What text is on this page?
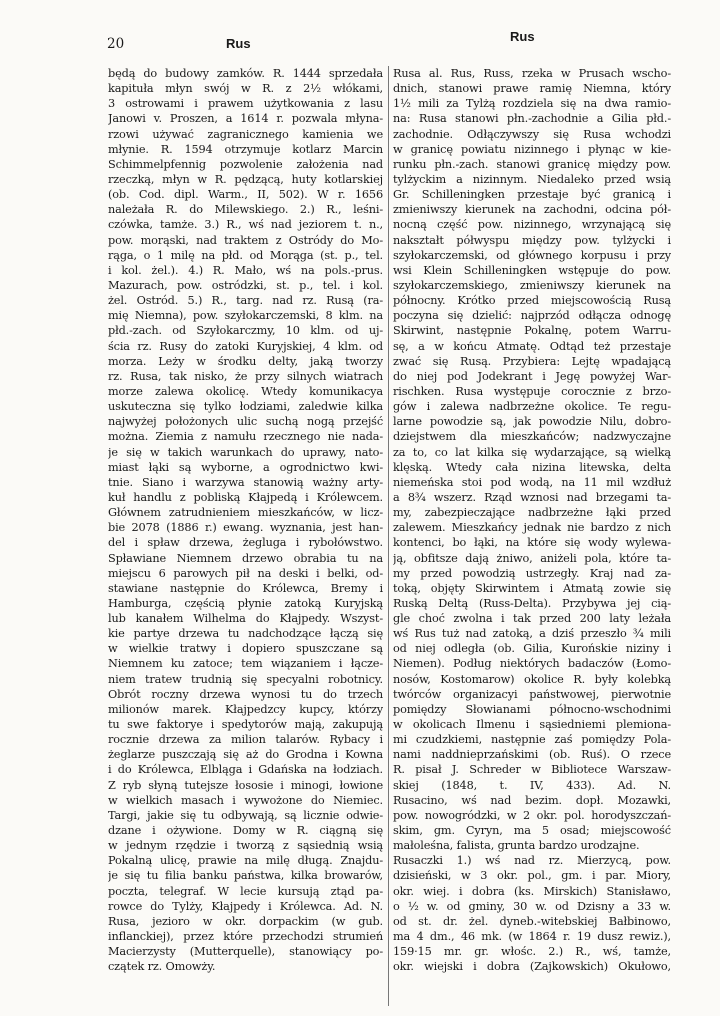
20	Rus	Rus
będą do budowy zamków. R. 1444 sprzedała
kapituła młyn swój w R. z 2½ włókami,
3 ostrowami i prawem użytkowania z lasu
Janowi v. Proszen, a 1614 r. pozwala młyna-
rzowi używać zagranicznego kamienia we
młynie. R. 1594 otrzymuje kotlarz Marcin
Schimmelpfennig pozwolenie założenia nad
rzeczką, młyn w R. pędzącą, huty kotlarskiej
(ob. Cod. dipl. Warm., II, 502). W r. 1656
należała R. do Milewskiego. 2.) R., leśni-
czówka, tamże. 3.) R., wś nad jeziorem t. n.,
pow. morąski, nad traktem z Ostródy do Mo-
rąga, o 1 milę na płd. od Morąga (st. p., tel.
i kol. żel.). 4.) R. Mało, wś na pols.-prus.
Mazurach, pow. ostródzki, st. p., tel. i kol.
żel. Ostród. 5.) R., targ. nad rz. Rusą (ra-
mię Niemna), pow. szyłokarczemski, 8 klm. na
płd.-zach. od Szyłokarczmy, 10 klm. od uj-
ścia rz. Rusy do zatoki Kuryjskiej, 4 klm. od
morza. Leży w środku delty, jaką tworzy
rz. Rusa, tak nisko, że przy silnych wiatrach
morze zalewa okolicę. Wtedy komunikacya
uskuteczna się tylko łodziami, zaledwie kilka
najwyżej położonych ulic suchą nogą przejść
można. Ziemia z namułu rzecznego nie nada-
je się w takich warunkach do uprawy, nato-
miast łąki są wyborne, a ogrodnictwo kwi-
tnie. Siano i warzywa stanowią ważny arty-
kuł handlu z pobliską Kłajpedą i Królewcem.
Głównem zatrudnieniem mieszkańców, w licz-
bie 2078 (1886 r.) ewang. wyznania, jest han-
del i spław drzewa, żegluga i rybołówstwo.
Spławiane Niemnem drzewo obrabia tu na
miejscu 6 parowych pił na deski i belki, od-
stawiane następnie do Królewca, Bremy i
Hamburga, częścią płynie zatoką Kuryjską
lub kanałem Wilhelma do Kłajpedy. Wszyst-
kie partye drzewa tu nadchodzące łączą się
w wielkie tratwy i dopiero spuszczane są
Niemnem ku zatoce; tem wiązaniem i łącze-
niem tratew trudnią się specyalni robotnicy.
Obrót roczny drzewa wynosi tu do trzech
milionów marek. Kłajpedzcy kupcy, którzy
tu swe faktorye i spedytorów mają, zakupują
rocznie drzewa za milion talarów. Rybacy i
żeglarze puszczają się aż do Grodna i Kowna
i do Królewca, Elbląga i Gdańska na łodziach.
Z ryb słyną tutejsze łososie i minogi, łowione
w wielkich masach i wywożone do Niemiec.
Targi, jakie się tu odbywają, są licznie odwie-
dzane i ożywione. Domy w R. ciągną się
w jednym rzędzie i tworzą z sąsiednią wsią
Pokalną ulicę, prawie na milę długą. Znajdu-
je się tu filia banku państwa, kilka browarów,
poczta, telegraf. W lecie kursują ztąd pa-
rowce do Tylży, Kłajpedy i Królewca. Ad. N.
Rusa, jezioro w okr. dorpackim (w gub.
inflanckiej), przez które przechodzi strumień
Macierzysty (Mutterquelle), stanowiący po-
czątek rz. Omowży.
Rusa al. Rus, Russ, rzeka w Prusach wscho-
dnich, stanowi prawe ramię Niemna, który
1½ mili za Tylżą rozdziela się na dwa ramio-
na: Rusa stanowi płn.-zachodnie a Gilia płd.-
zachodnie. Odłączywszy się Rusa wchodzi
w granicę powiatu nizinnego i płynąc w kie-
runku płn.-zach. stanowi granicę między pow.
tylżyckim a nizinnym. Niedaleko przed wsią
Gr. Schilleningken przestaje być granicą i
zmieniwszy kierunek na zachodni, odcina pół-
nocną część pow. nizinnego, wrzynającą się
nakształt półwyspu między pow. tylżycki i
szyłokarczemski, od głównego korpusu i przy
wsi Klein Schilleningken wstępuje do pow.
szyłokarczemskiego, zmieniwszy kierunek na
północny. Krótko przed miejscowością Rusą
poczyna się dzielić: najprzód odłącza odnogę
Skirwint, następnie Pokalnę, potem Warru-
sę, a w końcu Atmatę. Odtąd też przestaje
zwać się Rusą. Przybiera: Lejtę wpadającą
do niej pod Jodekrant i Jegę powyżej War-
rischken. Rusa występuje corocznie z brzo-
gów i zalewa nadbrzeżne okolice. Te regu-
larne powodzie są, jak powodzie Nilu, dobro-
dziejstwem dla mieszkańców; nadzwyczajne
za to, co lat kilka się wydarzające, są wielką
klęską. Wtedy cała nizina litewska, delta
niemeńska stoi pod wodą, na 11 mil wzdłuż
a 8¾ wszerz. Rząd wznosi nad brzegami ta-
my, zabezpieczające nadbrzeżne łąki przed
zalewem. Mieszkańcy jednak nie bardzo z nich
kontenci, bo łąki, na które się wody wylewa-
ją, obfitsze dają żniwo, aniżeli pola, które ta-
my przed powodzią ustrzegły. Kraj nad za-
toką, objęty Skirwintem i Atmatą zowie się
Ruską Deltą (Russ-Delta). Przybywa jej cią-
gle choć zwolna i tak przed 200 laty leżała
wś Rus tuż nad zatoką, a dziś przeszło ¾ mili
od niej odległa (ob. Gilia, Kurońskie niziny i
Niemen). Podług niektórych badaczów (Łomo-
nosów, Kostomarow) okolice R. były kolebką
twórców organizacyi państwowej, pierwotnie
pomiędzy Słowianami północno-wschodnimi
w okolicach Ilmenu i sąsiedniemi plemiona-
mi czudzkiemi, następnie zaś pomiędzy Pola-
nami naddnieprzańskimi (ob. Ruś). O rzece
R. pisał J. Schreder w Bibliotece Warszaw-
skiej (1848, t. IV, 433). Ad. N.
Rusacino, wś nad bezim. dopł. Mozawki,
pow. nowogródzki, w 2 okr. pol. horodyszczań-
skim, gm. Cyryn, ma 5 osad; miejscowość
małoleśna, falista, grunta bardzo urodzajne.
Rusaczki 1.) wś nad rz. Mierzycą, pow.
dzisieński, w 3 okr. pol., gm. i par. Miory,
okr. wiej. i dobra (ks. Mirskich) Stanisławo,
o ½ w. od gminy, 30 w. od Dzisny a 33 w.
od st. dr. żel. dyneb.-witebskiej Bałbinowo,
ma 4 dm., 46 mk. (w 1864 r. 19 dusz rewiz.),
159·15 mr. gr. włośc. 2.) R., wś, tamże,
okr. wiejski i dobra (Zajkowskich) Okułowo,
